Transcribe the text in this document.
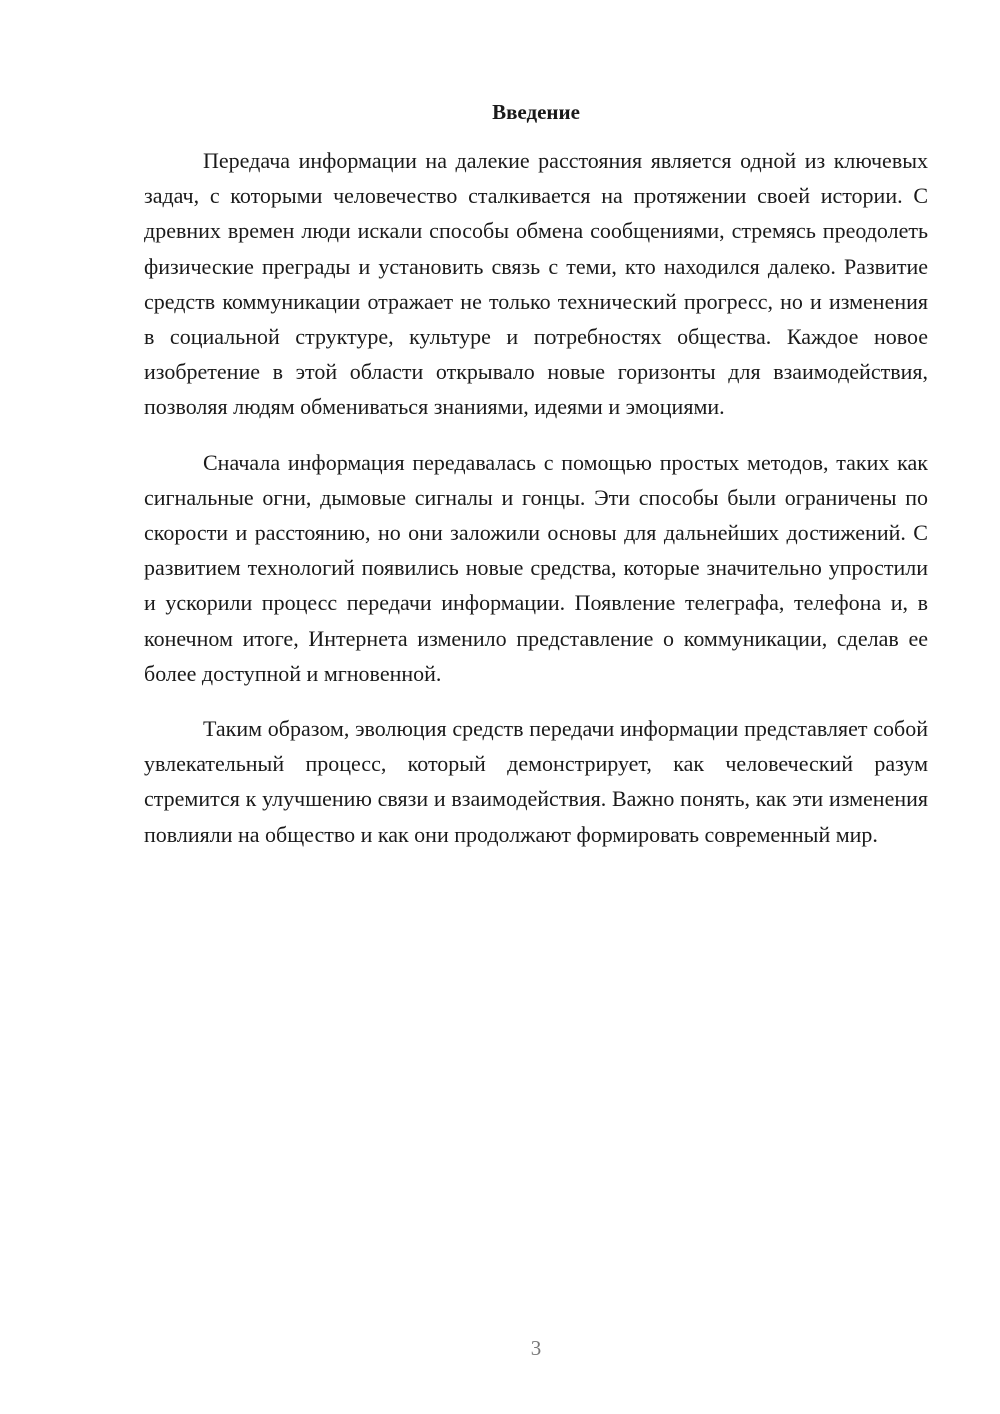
Введение

Передача информации на далекие расстояния является одной из ключевых задач, с которыми человечество сталкивается на протяжении своей истории. С древних времен люди искали способы обмена сообщениями, стремясь преодолеть физические преграды и установить связь с теми, кто находился далеко. Развитие средств коммуникации отражает не только технический прогресс, но и изменения в социальной структуре, культуре и потребностях общества. Каждое новое изобретение в этой области открывало новые горизонты для взаимодействия, позволяя людям обмениваться знаниями, идеями и эмоциями.

Сначала информация передавалась с помощью простых методов, таких как сигнальные огни, дымовые сигналы и гонцы. Эти способы были ограничены по скорости и расстоянию, но они заложили основы для дальнейших достижений. С развитием технологий появились новые средства, которые значительно упростили и ускорили процесс передачи информации. Появление телеграфа, телефона и, в конечном итоге, Интернета изменило представление о коммуникации, сделав ее более доступной и мгновенной.

Таким образом, эволюция средств передачи информации представляет собой увлекательный процесс, который демонстрирует, как человеческий разум стремится к улучшению связи и взаимодействия. Важно понять, как эти изменения повлияли на общество и как они продолжают формировать современный мир.

3
